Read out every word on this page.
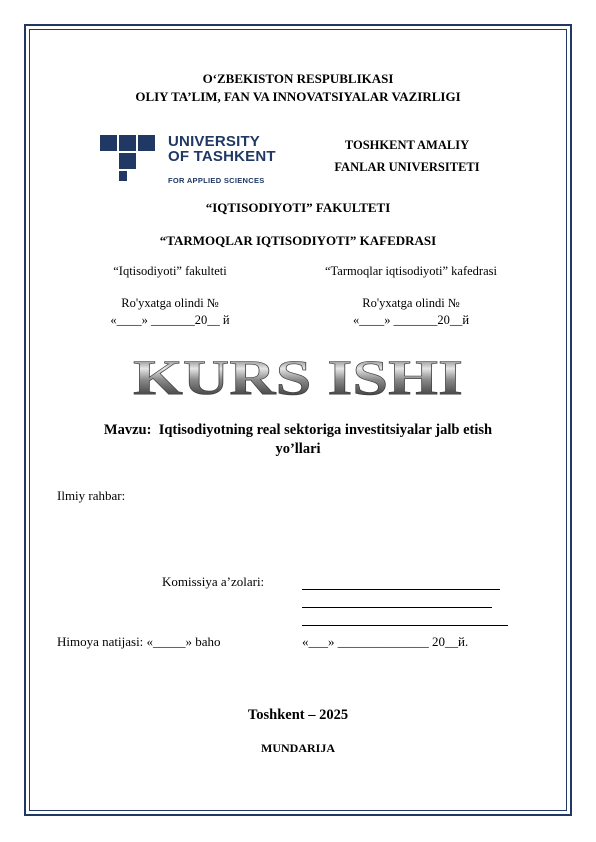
O‘ZBEKISTON RESPUBLIKASI
OLIY TA’LIM, FAN VA INNOVATSIYALAR VAZIRLIGI
UNIVERSITY
OF TASHKENT
FOR APPLIED SCIENCES
TOSHKENT AMALIY
FANLAR UNIVERSITETI
“IQTISODIYOTI” FAKULTETI
“TARMOQLAR IQTISODIYOTI” KAFEDRASI
“Iqtisodiyoti” fakulteti	“Tarmoqlar iqtisodiyoti” kafedrasi
Ro'yxatga olindi №	Ro'yxatga olindi №
«____» _______20__ й	«____» _______20__й
KURS ISHI
Mavzu: Iqtisodiyotning real sektoriga investitsiyalar jalb etish
yo’llari
Ilmiy rahbar:
Komissiya a’zolari:
Himoya natijasi: «_____» baho	«___» ______________ 20__й.
Toshkent – 2025
MUNDARIJA
